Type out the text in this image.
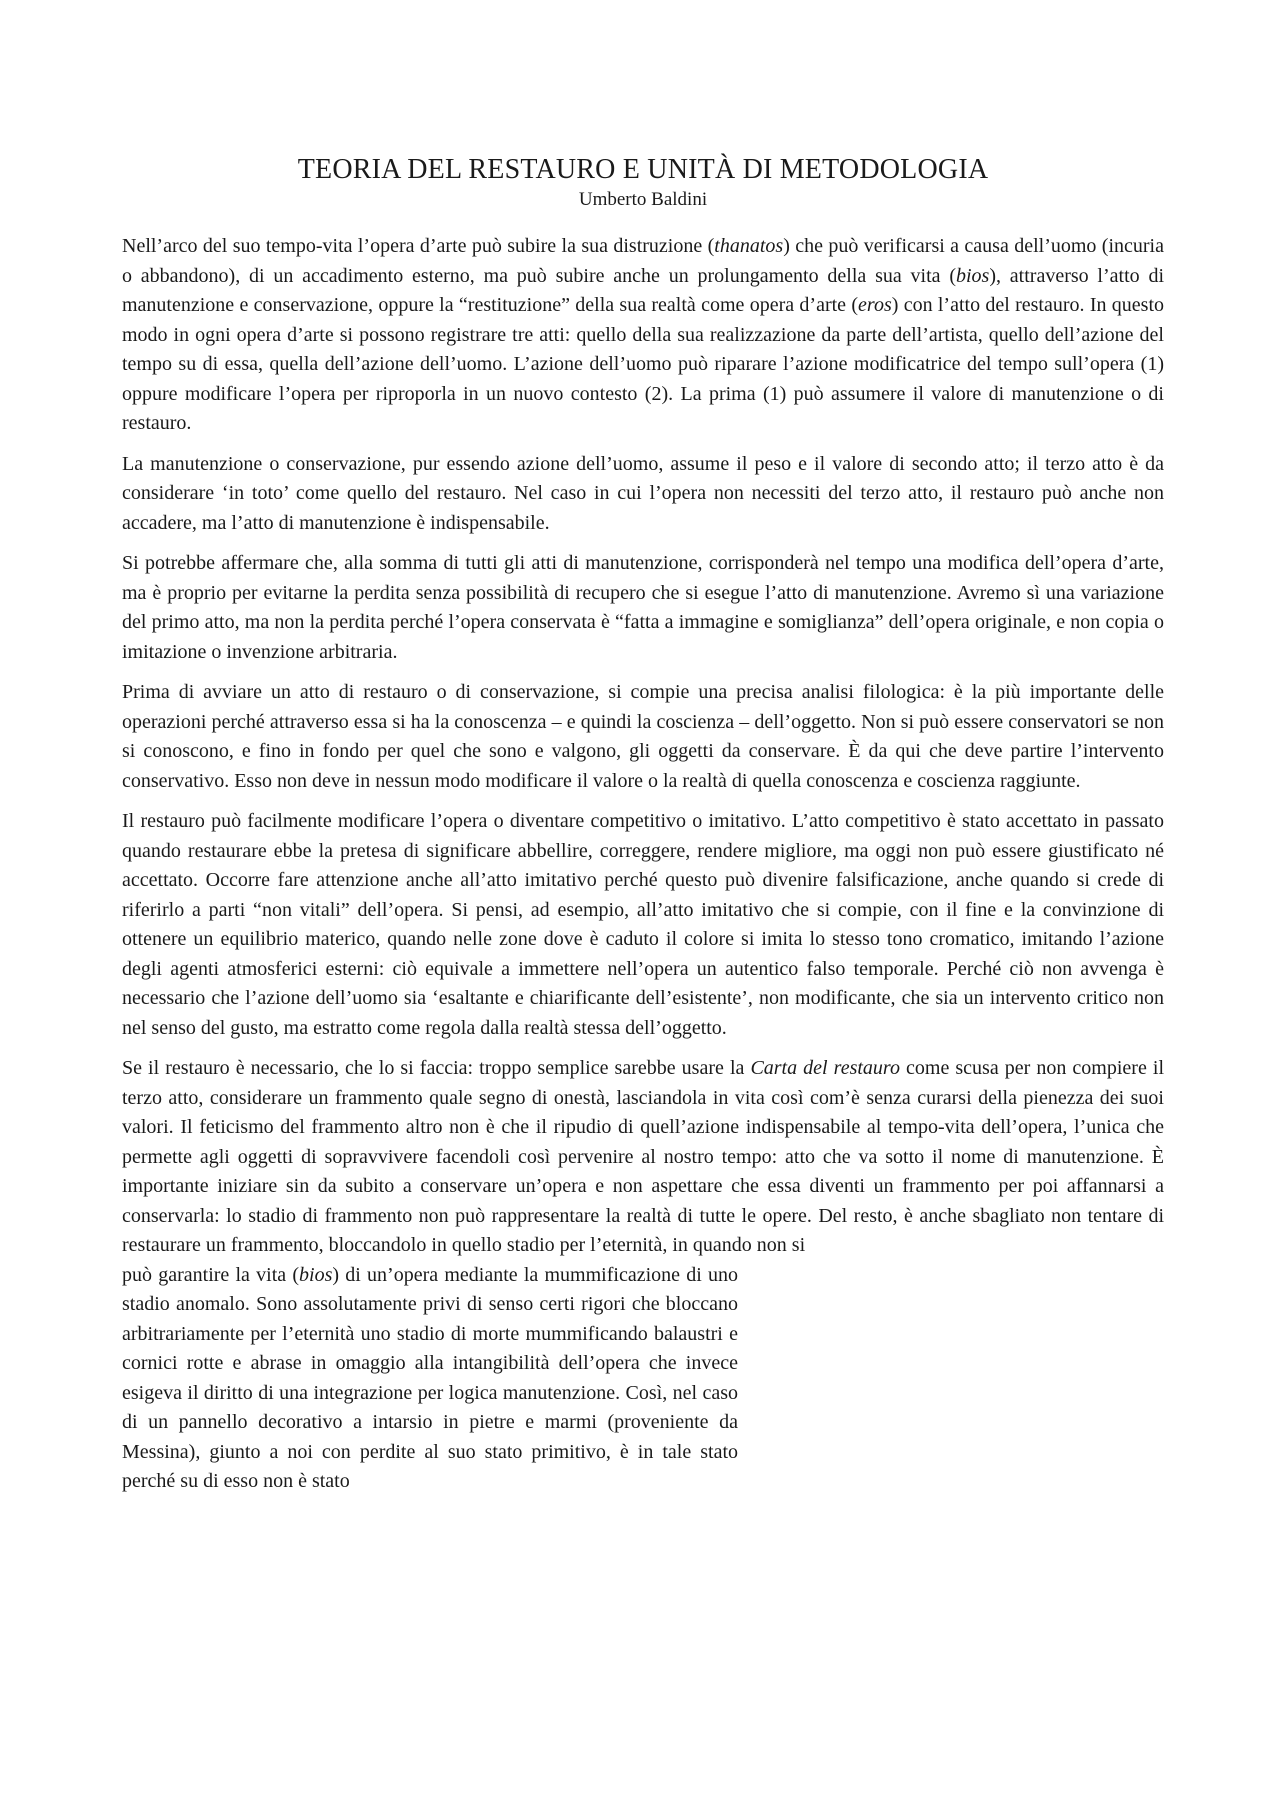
TEORIA DEL RESTAURO E UNITÀ DI METODOLOGIA
Umberto Baldini

Nell’arco del suo tempo-vita l’opera d’arte può subire la sua distruzione (thanatos) che può verificarsi a causa dell’uomo (incuria o abbandono), di un accadimento esterno, ma può subire anche un prolungamento della sua vita (bios), attraverso l’atto di manutenzione e conservazione, oppure la “restituzione” della sua realtà come opera d’arte (eros) con l’atto del restauro. In questo modo in ogni opera d’arte si possono registrare tre atti: quello della sua realizzazione da parte dell’artista, quello dell’azione del tempo su di essa, quella dell’azione dell’uomo. L’azione dell’uomo può riparare l’azione modificatrice del tempo sull’opera (1) oppure modificare l’opera per riproporla in un nuovo contesto (2). La prima (1) può assumere il valore di manutenzione o di restauro.

La manutenzione o conservazione, pur essendo azione dell’uomo, assume il peso e il valore di secondo atto; il terzo atto è da considerare ‘in toto’ come quello del restauro. Nel caso in cui l’opera non necessiti del terzo atto, il restauro può anche non accadere, ma l’atto di manutenzione è indispensabile.

Si potrebbe affermare che, alla somma di tutti gli atti di manutenzione, corrisponderà nel tempo una modifica dell’opera d’arte, ma è proprio per evitarne la perdita senza possibilità di recupero che si esegue l’atto di manutenzione. Avremo sì una variazione del primo atto, ma non la perdita perché l’opera conservata è “fatta a immagine e somiglianza” dell’opera originale, e non copia o imitazione o invenzione arbitraria.

Prima di avviare un atto di restauro o di conservazione, si compie una precisa analisi filologica: è la più importante delle operazioni perché attraverso essa si ha la conoscenza – e quindi la coscienza – dell’oggetto. Non si può essere conservatori se non si conoscono, e fino in fondo per quel che sono e valgono, gli oggetti da conservare. È da qui che deve partire l’intervento conservativo. Esso non deve in nessun modo modificare il valore o la realtà di quella conoscenza e coscienza raggiunte.

Il restauro può facilmente modificare l’opera o diventare competitivo o imitativo. L’atto competitivo è stato accettato in passato quando restaurare ebbe la pretesa di significare abbellire, correggere, rendere migliore, ma oggi non può essere giustificato né accettato. Occorre fare attenzione anche all’atto imitativo perché questo può divenire falsificazione, anche quando si crede di riferirlo a parti “non vitali” dell’opera. Si pensi, ad esempio, all’atto imitativo che si compie, con il fine e la convinzione di ottenere un equilibrio materico, quando nelle zone dove è caduto il colore si imita lo stesso tono cromatico, imitando l’azione degli agenti atmosferici esterni: ciò equivale a immettere nell’opera un autentico falso temporale. Perché ciò non avvenga è necessario che l’azione dell’uomo sia ‘esaltante e chiarificante dell’esistente’, non modificante, che sia un intervento critico non nel senso del gusto, ma estratto come regola dalla realtà stessa dell’oggetto.

Se il restauro è necessario, che lo si faccia: troppo semplice sarebbe usare la Carta del restauro come scusa per non compiere il terzo atto, considerare un frammento quale segno di onestà, lasciandola in vita così com’è senza curarsi della pienezza dei suoi valori. Il feticismo del frammento altro non è che il ripudio di quell’azione indispensabile al tempo-vita dell’opera, l’unica che permette agli oggetti di sopravvivere facendoli così pervenire al nostro tempo: atto che va sotto il nome di manutenzione. È importante iniziare sin da subito a conservare un’opera e non aspettare che essa diventi un frammento per poi affannarsi a conservarla: lo stadio di frammento non può rappresentare la realtà di tutte le opere. Del resto, è anche sbagliato non tentare di restaurare un frammento, bloccandolo in quello stadio per l’eternità, in quando non si

può garantire la vita (bios) di un’opera mediante la mummificazione di uno stadio anomalo. Sono assolutamente privi di senso certi rigori che bloccano arbitrariamente per l’eternità uno stadio di morte mummificando balaustri e cornici rotte e abrase in omaggio alla intangibilità dell’opera che invece esigeva il diritto di una integrazione per logica manutenzione. Così, nel caso di un pannello decorativo a intarsio in pietre e marmi (proveniente da Messina), giunto a noi con perdite al suo stato primitivo, è in tale stato perché su di esso non è stato
